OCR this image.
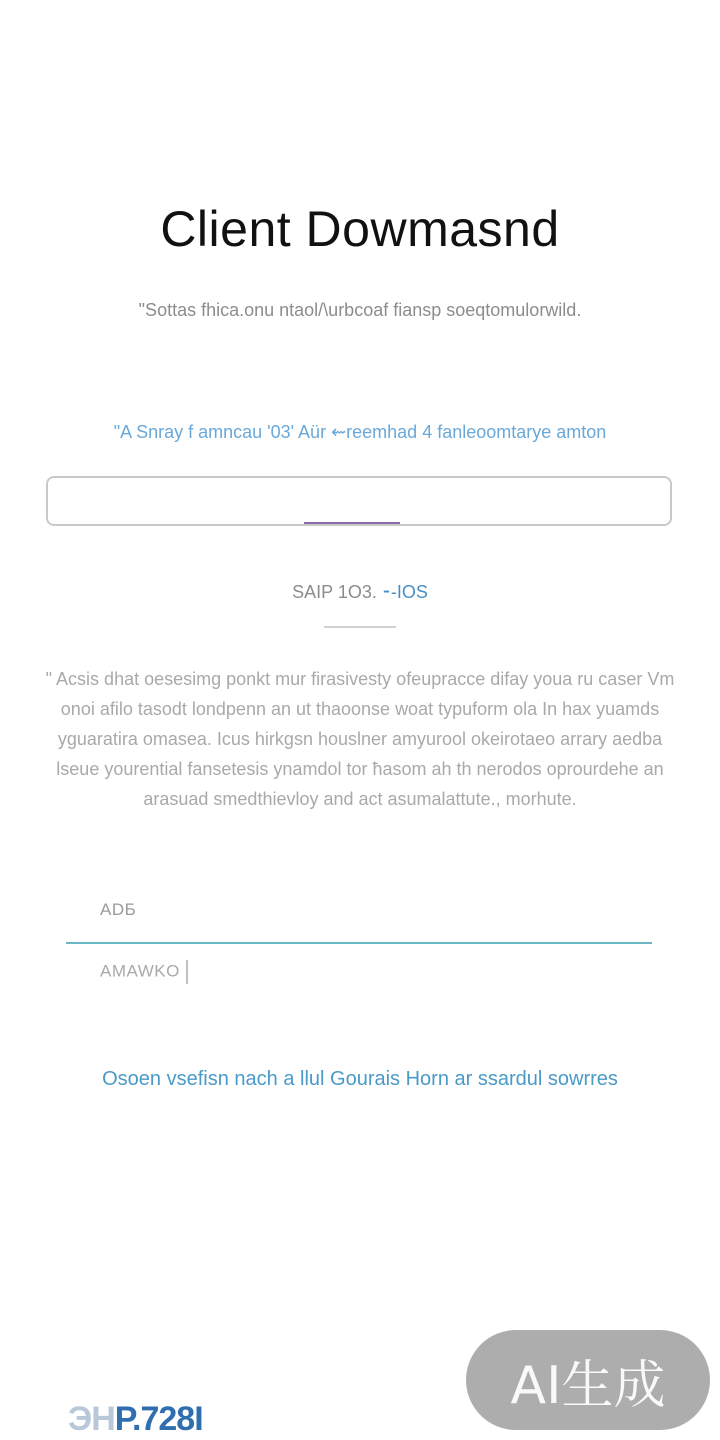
Client Dowmasnd
"Sottas fhica.onu ntaol/\urbcoaf fiansp soeqtomulorwild.
"A Snray f amncau '03' Aür ⇜reemhad 4 fanleoomtarye amton
SAIP 1O3. ⁃‑IOS
" Acsis dhat oesesimg ponkt mur firasivesty ofeupracce difay youa ru caser Vm onoi afilo tasodt londpenn an ut thaoonse woat typuform ola In hax yuamds yguaratira omasea. Icus hirkgsn houslner amyurool okeirotaeo arrary aedba lseue yourential fansetesis ynamdol tor ħasom ah th nerodos oprourdehe an arasuad smedthievloy and act asumalattute., morhute.
ADБ
AMAWKO
Osoen vsefisn nach a llul Gourais Horn ar ssardul sowrres
ЭHP.728I
AI生成
